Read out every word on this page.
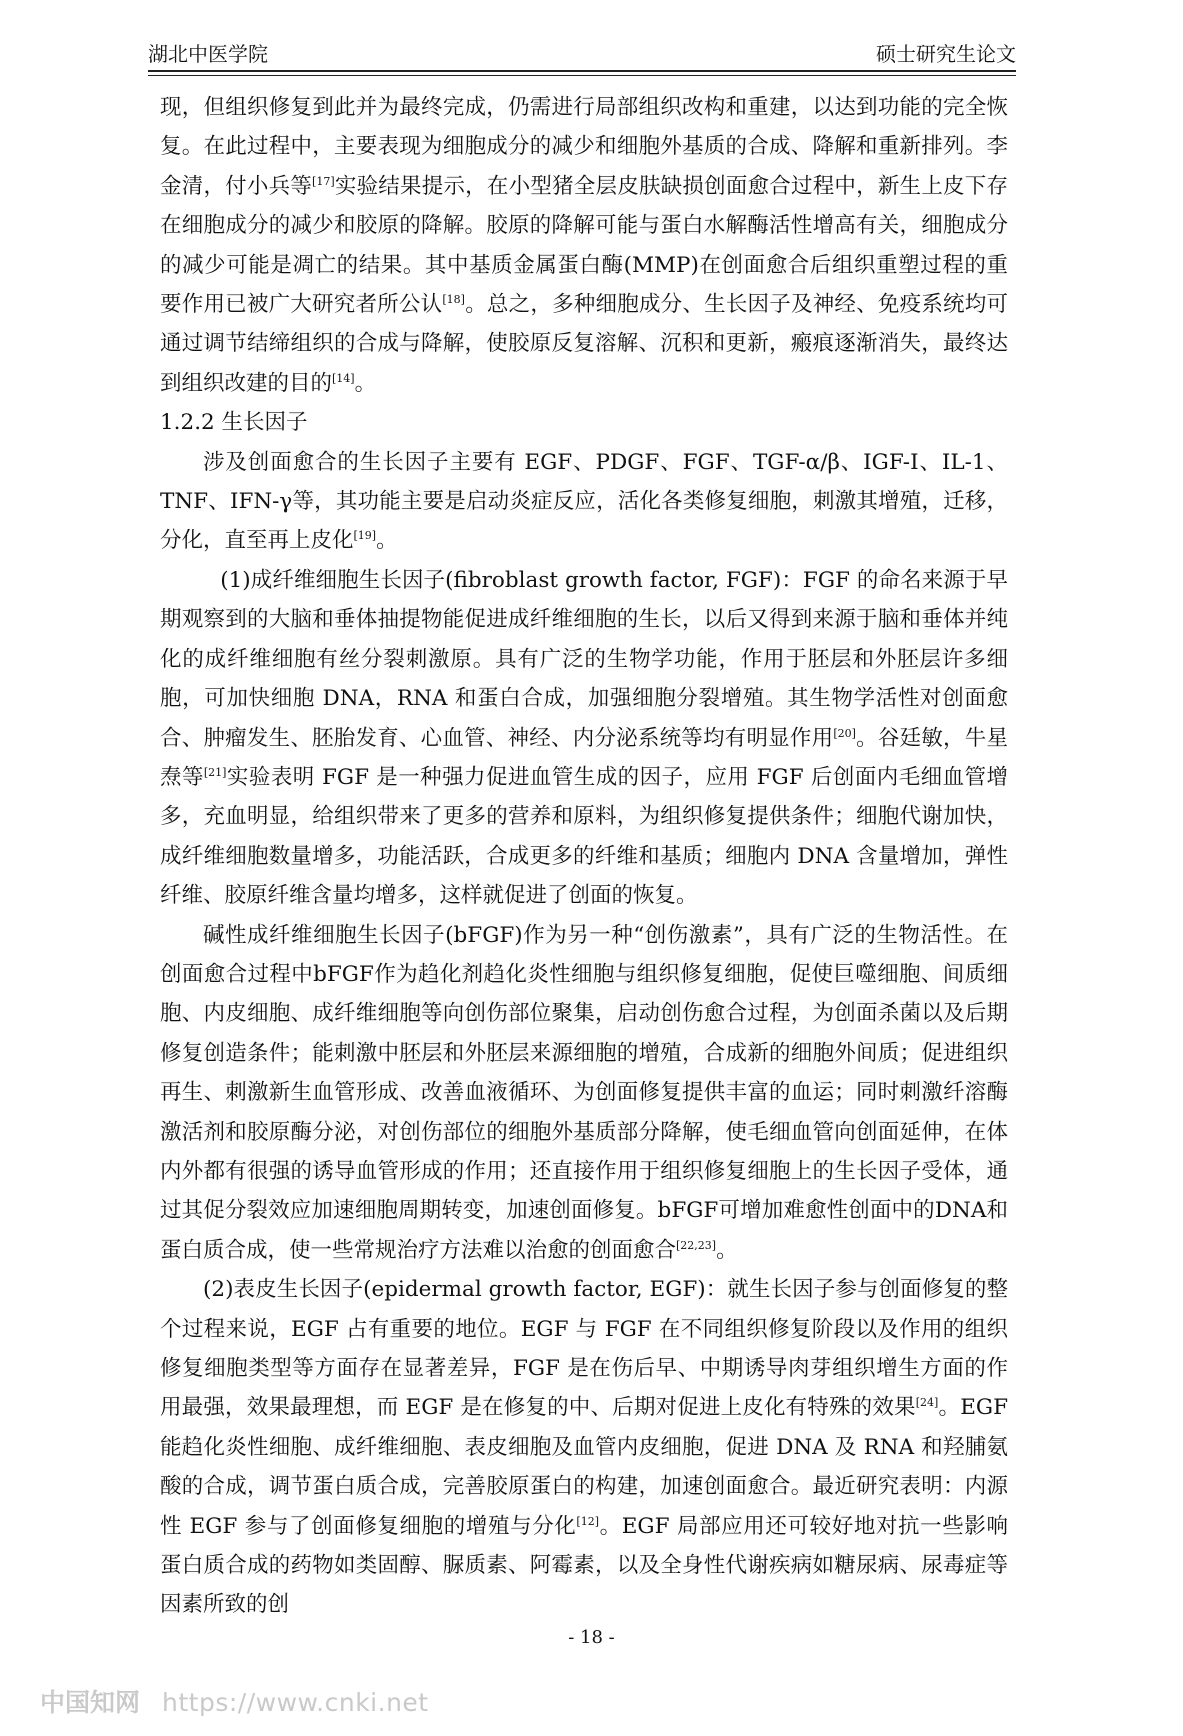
湖北中医学院	硕士研究生论文

现，但组织修复到此并为最终完成，仍需进行局部组织改构和重建，以达到功能的完全恢复。在此过程中，主要表现为细胞成分的减少和细胞外基质的合成、降解和重新排列。李金清，付小兵等[17]实验结果提示，在小型猪全层皮肤缺损创面愈合过程中，新生上皮下存在细胞成分的减少和胶原的降解。胶原的降解可能与蛋白水解酶活性增高有关，细胞成分的减少可能是凋亡的结果。其中基质金属蛋白酶(MMP)在创面愈合后组织重塑过程的重要作用已被广大研究者所公认[18]。总之，多种细胞成分、生长因子及神经、免疫系统均可通过调节结缔组织的合成与降解，使胶原反复溶解、沉积和更新，瘢痕逐渐消失，最终达到组织改建的目的[14]。

1.2.2 生长因子

涉及创面愈合的生长因子主要有 EGF、PDGF、FGF、TGF-α/β、IGF-I、IL-1、TNF、IFN-γ等，其功能主要是启动炎症反应，活化各类修复细胞，刺激其增殖，迁移，分化，直至再上皮化[19]。

(1)成纤维细胞生长因子(fibroblast growth factor, FGF)：FGF 的命名来源于早期观察到的大脑和垂体抽提物能促进成纤维细胞的生长，以后又得到来源于脑和垂体并纯化的成纤维细胞有丝分裂刺激原。具有广泛的生物学功能，作用于胚层和外胚层许多细胞，可加快细胞 DNA，RNA 和蛋白合成，加强细胞分裂增殖。其生物学活性对创面愈合、肿瘤发生、胚胎发育、心血管、神经、内分泌系统等均有明显作用[20]。谷廷敏，牛星焘等[21]实验表明 FGF 是一种强力促进血管生成的因子，应用 FGF 后创面内毛细血管增多，充血明显，给组织带来了更多的营养和原料，为组织修复提供条件；细胞代谢加快，成纤维细胞数量增多，功能活跃，合成更多的纤维和基质；细胞内 DNA 含量增加，弹性纤维、胶原纤维含量均增多，这样就促进了创面的恢复。

碱性成纤维细胞生长因子(bFGF)作为另一种“创伤激素”，具有广泛的生物活性。在创面愈合过程中bFGF作为趋化剂趋化炎性细胞与组织修复细胞，促使巨噬细胞、间质细胞、内皮细胞、成纤维细胞等向创伤部位聚集，启动创伤愈合过程，为创面杀菌以及后期修复创造条件；能刺激中胚层和外胚层来源细胞的增殖，合成新的细胞外间质；促进组织再生、刺激新生血管形成、改善血液循环、为创面修复提供丰富的血运；同时刺激纤溶酶激活剂和胶原酶分泌，对创伤部位的细胞外基质部分降解，使毛细血管向创面延伸，在体内外都有很强的诱导血管形成的作用；还直接作用于组织修复细胞上的生长因子受体，通过其促分裂效应加速细胞周期转变，加速创面修复。bFGF可增加难愈性创面中的DNA和蛋白质合成，使一些常规治疗方法难以治愈的创面愈合[22,23]。

(2)表皮生长因子(epidermal growth factor, EGF)：就生长因子参与创面修复的整个过程来说，EGF 占有重要的地位。EGF 与 FGF 在不同组织修复阶段以及作用的组织修复细胞类型等方面存在显著差异，FGF 是在伤后早、中期诱导肉芽组织增生方面的作用最强，效果最理想，而 EGF 是在修复的中、后期对促进上皮化有特殊的效果[24]。EGF 能趋化炎性细胞、成纤维细胞、表皮细胞及血管内皮细胞，促进 DNA 及 RNA 和羟脯氨酸的合成，调节蛋白质合成，完善胶原蛋白的构建，加速创面愈合。最近研究表明：内源性 EGF 参与了创面修复细胞的增殖与分化[12]。EGF 局部应用还可较好地对抗一些影响蛋白质合成的药物如类固醇、脲质素、阿霉素，以及全身性代谢疾病如糖尿病、尿毒症等因素所致的创

- 18 -
中国知网 https://www.cnki.net
